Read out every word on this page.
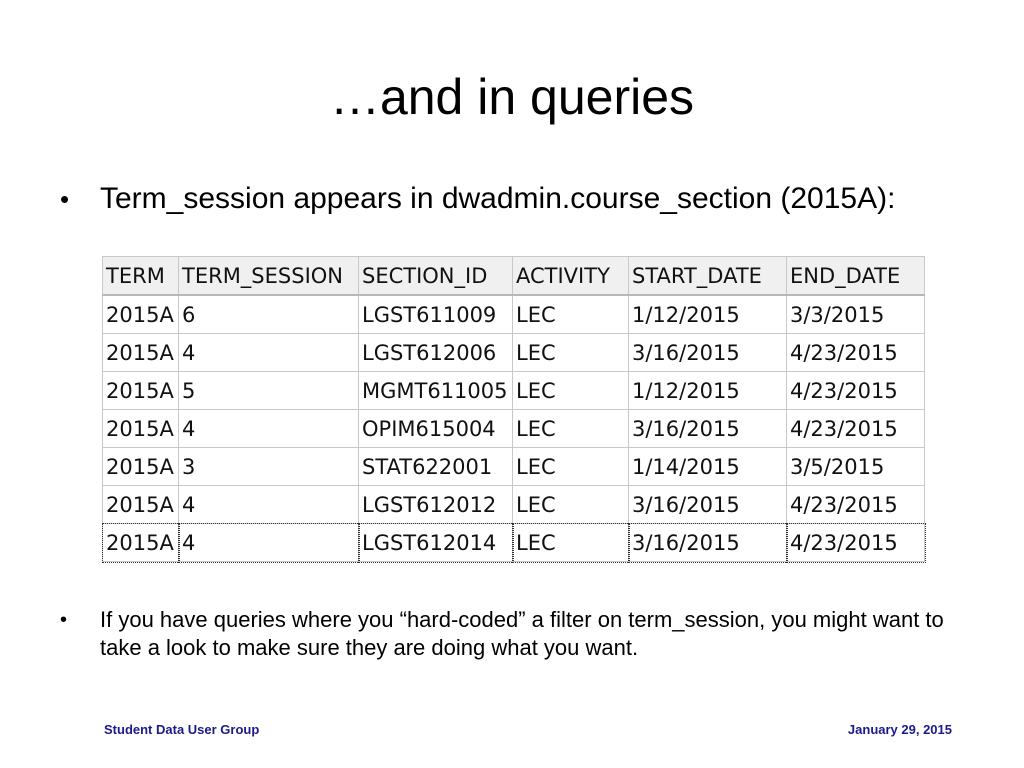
…and in queries
•	Term_session appears in dwadmin.course_section (2015A):
TERM	TERM_SESSION	SECTION_ID	ACTIVITY	START_DATE	END_DATE
2015A	6	LGST611009	LEC	1/12/2015	3/3/2015
2015A	4	LGST612006	LEC	3/16/2015	4/23/2015
2015A	5	MGMT611005	LEC	1/12/2015	4/23/2015
2015A	4	OPIM615004	LEC	3/16/2015	4/23/2015
2015A	3	STAT622001	LEC	1/14/2015	3/5/2015
2015A	4	LGST612012	LEC	3/16/2015	4/23/2015
2015A	4	LGST612014	LEC	3/16/2015	4/23/2015
•	If you have queries where you “hard-coded” a filter on term_session, you might want to take a look to make sure they are doing what you want.
Student Data User Group	January 29, 2015
